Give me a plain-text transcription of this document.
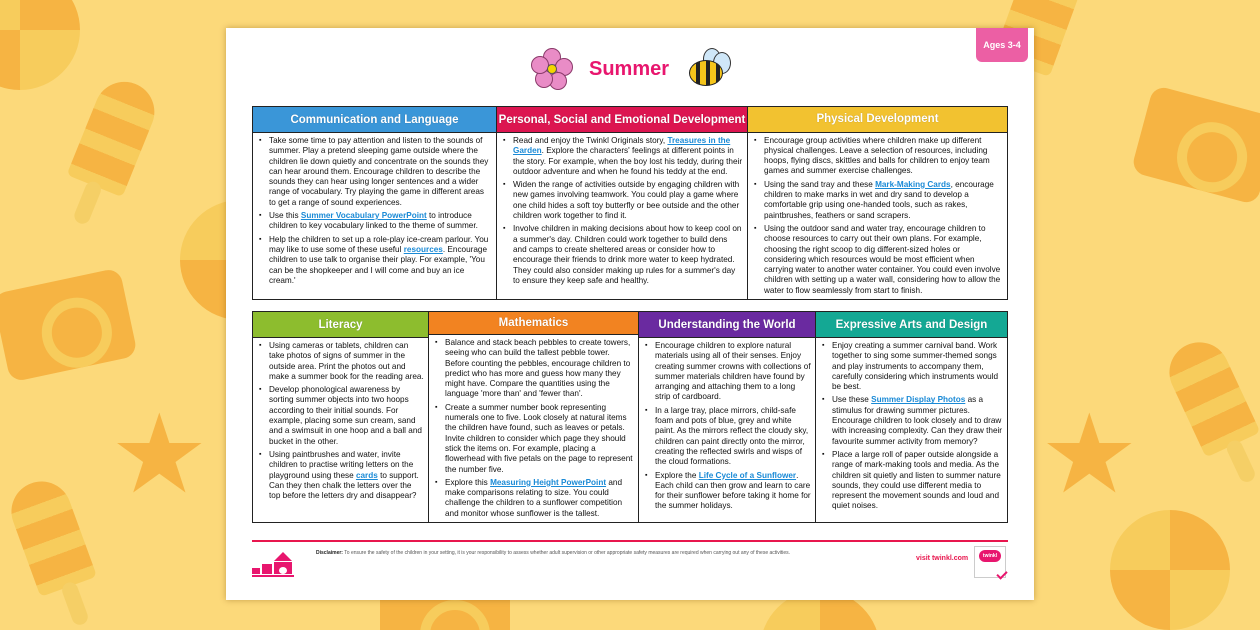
★	★
Summer
Ages 3-4
Communication and Language
▪ Take some time to pay attention and listen to the sounds of summer. Play a pretend sleeping game outside where the children lie down quietly and concentrate on the sounds they can hear around them. Encourage children to describe the sounds they can hear using longer sentences and a wider range of vocabulary. Try playing the game in different areas to get a range of sound experiences.
▪ Use this Summer Vocabulary PowerPoint to introduce children to key vocabulary linked to the theme of summer.
▪ Help the children to set up a role-play ice-cream parlour. You may like to use some of these useful resources. Encourage children to use talk to organise their play. For example, 'You can be the shopkeeper and I will come and buy an ice cream.'
Personal, Social and Emotional Development
▪ Read and enjoy the Twinkl Originals story, Treasures in the Garden. Explore the characters' feelings at different points in the story. For example, when the boy lost his teddy, during their outdoor adventure and when he found his teddy at the end.
▪ Widen the range of activities outside by engaging children with new games involving teamwork. You could play a game where one child hides a soft toy butterfly or bee outside and the other children work together to find it.
▪ Involve children in making decisions about how to keep cool on a summer's day. Children could work together to build dens and camps to create sheltered areas or consider how to encourage their friends to drink more water to keep hydrated. They could also consider making up rules for a summer's day to ensure they keep safe and healthy.
Physical Development
▪ Encourage group activities where children make up different physical challenges. Leave a selection of resources, including hoops, flying discs, skittles and balls for children to enjoy team games and summer exercise challenges.
▪ Using the sand tray and these Mark-Making Cards, encourage children to make marks in wet and dry sand to develop a comfortable grip using one-handed tools, such as rakes, paintbrushes, feathers or sand scrapers.
▪ Using the outdoor sand and water tray, encourage children to choose resources to carry out their own plans. For example, choosing the right scoop to dig different-sized holes or considering which resources would be most efficient when carrying water to another water container. You could even involve children with setting up a water wall, considering how to allow the water to flow seamlessly from start to finish.
Literacy
▪ Using cameras or tablets, children can take photos of signs of summer in the outside area. Print the photos out and make a summer book for the reading area.
▪ Develop phonological awareness by sorting summer objects into two hoops according to their initial sounds. For example, placing some sun cream, sand and a swimsuit in one hoop and a ball and bucket in the other.
▪ Using paintbrushes and water, invite children to practise writing letters on the playground using these cards to support. Can they then chalk the letters over the top before the letters dry and disappear?
Mathematics
▪ Balance and stack beach pebbles to create towers, seeing who can build the tallest pebble tower. Before counting the pebbles, encourage children to predict who has more and guess how many they might have. Compare the quantities using the language 'more than' and 'fewer than'.
▪ Create a summer number book representing numerals one to five. Look closely at natural items the children have found, such as leaves or petals. Invite children to consider which page they should stick the items on. For example, placing a flowerhead with five petals on the page to represent the number five.
▪ Explore this Measuring Height PowerPoint and make comparisons relating to size. You could challenge the children to a sunflower competition and monitor whose sunflower is the tallest.
Understanding the World
▪ Encourage children to explore natural materials using all of their senses. Enjoy creating summer crowns with collections of summer materials children have found by arranging and attaching them to a long strip of cardboard.
▪ In a large tray, place mirrors, child-safe foam and pots of blue, grey and white paint. As the mirrors reflect the cloudy sky, children can paint directly onto the mirror, creating the reflected swirls and wisps of the cloud formations.
▪ Explore the Life Cycle of a Sunflower. Each child can then grow and learn to care for their sunflower before taking it home for the summer holidays.
Expressive Arts and Design
▪ Enjoy creating a summer carnival band. Work together to sing some summer-themed songs and play instruments to accompany them, carefully considering which instruments would be best.
▪ Use these Summer Display Photos as a stimulus for drawing summer pictures. Encourage children to look closely and to draw with increasing complexity. Can they draw their favourite summer activity from memory?
▪ Place a large roll of paper outside alongside a range of mark-making tools and media. As the children sit quietly and listen to summer nature sounds, they could use different media to represent the movement sounds and loud and quiet noises.
Disclaimer: To ensure the safety of the children in your setting, it is your responsibility to assess whether adult supervision or other appropriate safety measures are required when carrying out any of these activities.
visit twinkl.com	twinkl
